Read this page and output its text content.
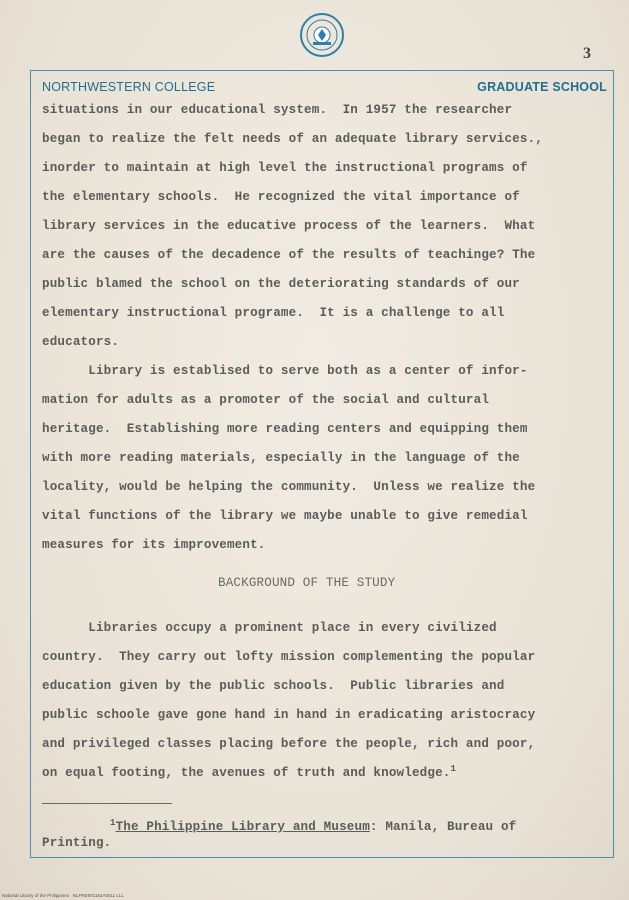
3
NORTHWESTERN COLLEGE	GRADUATE SCHOOL
situations in our educational system.  In 1957 the researcher
began to realize the felt needs of an adequate library services.,
inorder to maintain at high level the instructional programs of
the elementary schools.  He recognized the vital importance of
library services in the educative process of the learners.  What
are the causes of the decadence of the results of teachinge? The
public blamed the school on the deteriorating standards of our
elementary instructional programe.  It is a challenge to all
educators.
Library is establised to serve both as a center of infor-
mation for adults as a promoter of the social and cultural
heritage.  Establishing more reading centers and equipping them
with more reading materials, especially in the language of the
locality, would be helping the community.  Unless we realize the
vital functions of the library we maybe unable to give remedial
measures for its improvement.
BACKGROUND OF THE STUDY
Libraries occupy a prominent place in every civilized
country.  They carry out lofty mission complementing the popular
education given by the public schools.  Public libraries and
public schoole gave gone hand in hand in eradicating aristocracy
and privileged classes placing before the people, rich and poor,
on equal footing, the avenues of truth and knowledge.$^1$
$^1$The Philippine Library and Museum: Manila, Bureau of
Printing.
National Library of the Philippines   NLPRE001181A0011 LLL
